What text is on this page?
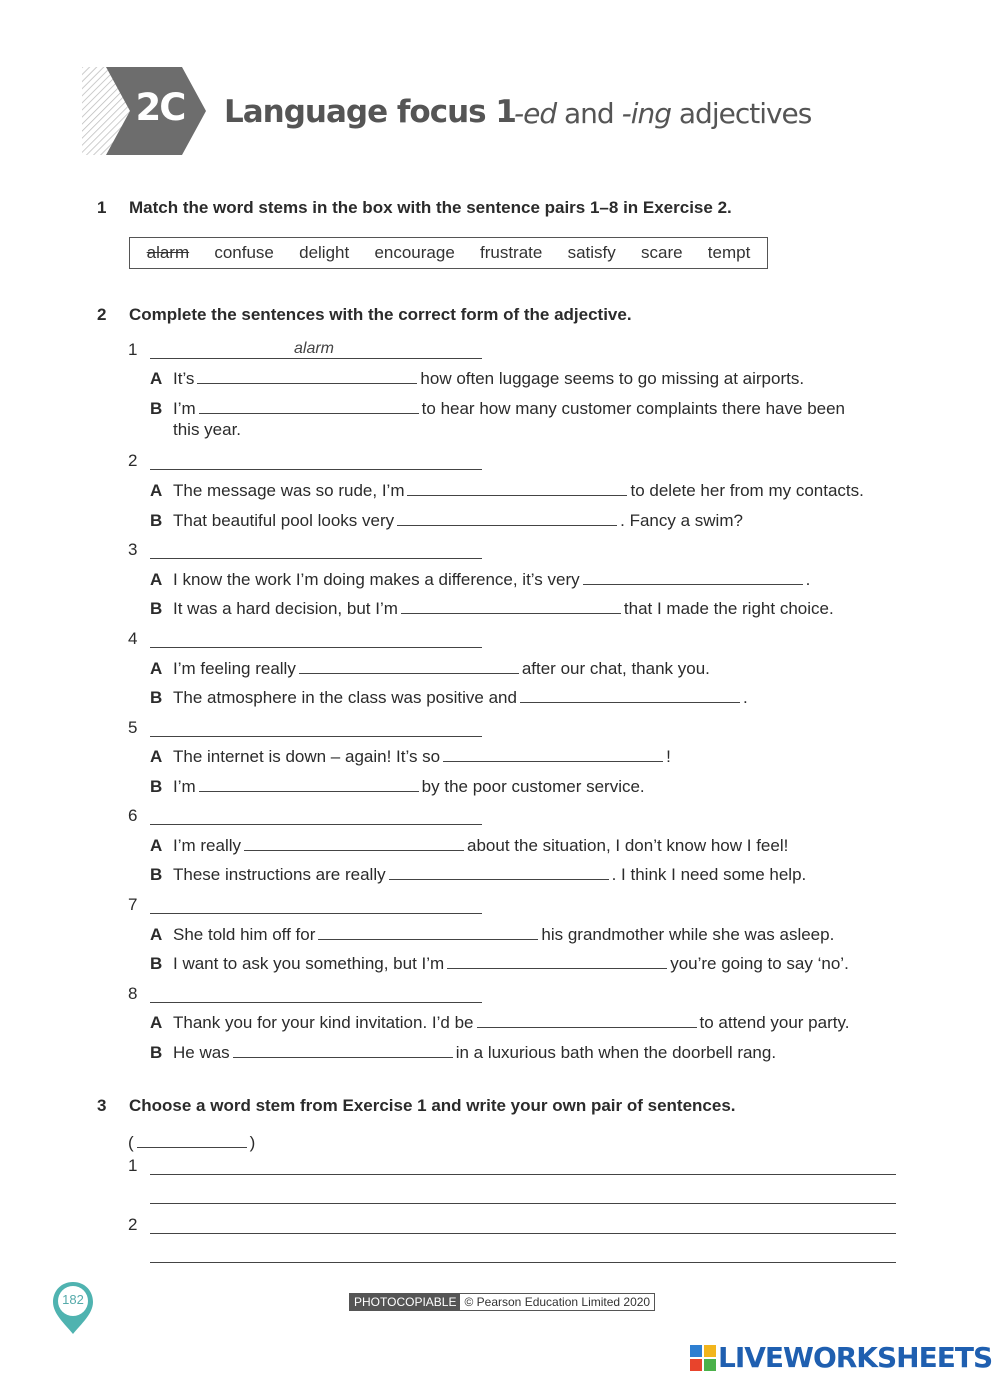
2C	Language focus 1
-ed and -ing adjectives
1 Match the word stems in the box with the sentence pairs 1–8 in Exercise 2.
alarm confuse delight encourage frustrate satisfy scare tempt
2 Complete the sentences with the correct form of the adjective.
1	alarm
A It’s	how often luggage seems to go missing at airports.
B I’m	to hear how many customer complaints there have been
this year.
2
A The message was so rude, I’m	to delete her from my contacts.
B That beautiful pool looks very	. Fancy a swim?
3
A I know the work I’m doing makes a difference, it’s very	.
B It was a hard decision, but I’m	that I made the right choice.
4
A I’m feeling really	after our chat, thank you.
B The atmosphere in the class was positive and	.
5
A The internet is down – again! It’s so	!
B I’m	by the poor customer service.
6
A I’m really	about the situation, I don’t know how I feel!
B These instructions are really	. I think I need some help.
7
A She told him off for	his grandmother while she was asleep.
B I want to ask you something, but I’m	you’re going to say ‘no’.
8
A Thank you for your kind invitation. I’d be	to attend your party.
B He was	in a luxurious bath when the doorbell rang.
3 Choose a word stem from Exercise 1 and write your own pair of sentences.
(	)
1
2
182	PHOTOCOPIABLE © Pearson Education Limited 2020
LIVEWORKSHEETS
